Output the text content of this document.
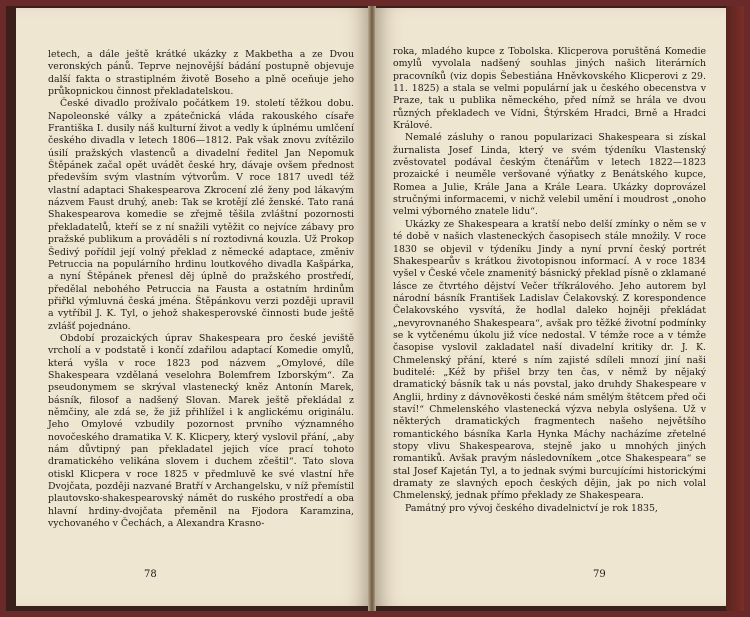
letech, a dále ještě krátké ukázky z Makbetha a ze Dvou veronských pánů. Teprve nejnovější bádání postupně objevuje další fakta o strastiplném životě Boseho a plně oceňuje jeho průkopnickou činnost překladatelskou.

České divadlo prožívalo počátkem 19. století těžkou dobu. Napoleonské války a zpátečnická vláda rakouského císaře Františka I. dusily náš kulturní život a vedly k úplnému umlčení českého divadla v letech 1806—1812. Pak však znovu zvítězilo úsilí pražských vlastenců a divadelní ředitel Jan Nepomuk Štěpánek začal opět uvádět české hry, dávaje ovšem přednost především svým vlastním výtvorům. V roce 1817 uvedl též vlastní adaptaci Shakespearova Zkrocení zlé ženy pod lákavým názvem Faust druhý, aneb: Tak se krotějí zlé ženské. Tato raná Shakespearova komedie se zřejmě těšila zvláštní pozornosti překladatelů, kteří se z ní snažili vytěžit co nejvíce zábavy pro pražské publikum a prováděli s ní roztodivná kouzla. Už Prokop Šedivý pořídil její volný překlad z německé adaptace, změniv Petruccia na populárního hrdinu loutkového divadla Kašpárka, a nyní Štěpánek přenesl děj úplně do pražského prostředí, předělal nebohého Petruccia na Fausta a ostatním hrdinům přiřkl výmluvná česká jména. Štěpánkovu verzi později upravil a vytříbil J. K. Tyl, o jehož shakesperovské činnosti bude ještě zvlášť pojednáno.

Období prozaických úprav Shakespeara pro české jeviště vrcholí a v podstatě i končí zdařilou adaptací Komedie omylů, která vyšla v roce 1823 pod názvem „Omylové, díle Shakespeara vzdělaná veselohra Bolemfrem Izborským“. Za pseudonymem se skrýval vlastenecký kněz Antonín Marek, básník, filosof a nadšený Slovan. Marek ještě překládal z němčiny, ale zdá se, že již přihlížel i k anglickému originálu. Jeho Omylové vzbudily pozornost prvního významného novočeského dramatika V. K. Klicpery, který vyslovil přání, „aby nám důvtipný pan překladatel jejich více prací tohoto dramatického velikána slovem i duchem zčeštil“. Tato slova otiskl Klicpera v roce 1825 v předmluvě ke své vlastní hře Dvojčata, později nazvané Bratří v Archangelsku, v níž přemístil plautovsko-shakespearovský námět do ruského prostředí a oba hlavní hrdiny-dvojčata přeměnil na Fjodora Karamzina, vychovaného v Čechách, a Alexandra Krasno-

78

roka, mladého kupce z Tobolska. Klicperova poruštěná Komedie omylů vyvolala nadšený souhlas jiných našich literárních pracovníků (viz dopis Šebestiána Hněvkovského Klicperovi z 29. 11. 1825) a stala se velmi populární jak u českého obecenstva v Praze, tak u publika německého, před nímž se hrála ve dvou různých překladech ve Vídni, Štýrském Hradci, Brně a Hradci Králové.

Nemalé zásluhy o ranou popularizaci Shakespeara si získal žurnalista Josef Linda, který ve svém týdeníku Vlastenský zvěstovatel podával českým čtenářům v letech 1822—1823 prozaické i neuměle veršované výňatky z Benátského kupce, Romea a Julie, Krále Jana a Krále Leara. Ukázky doprovázel stručnými informacemi, v nichž velebil umění i moudrost „onoho velmi výborného znatele lidu“.

Ukázky ze Shakespeara a kratší nebo delší zmínky o něm se v té době v našich vlasteneckých časopisech stále množily. V roce 1830 se objevil v týdeníku Jindy a nyní první český portrét Shakespearův s krátkou životopisnou informací. A v roce 1834 vyšel v České včele znamenitý básnický překlad písně o zklamané lásce ze čtvrtého dějství Večer tříkrálového. Jeho autorem byl národní básník František Ladislav Čelakovský. Z korespondence Čelakovského vysvítá, že hodlal daleko hojněji překládat „nevyrovnaného Shakespeara“, avšak pro těžké životní podmínky se k vytčenému úkolu již více nedostal. V témže roce a v témže časopise vyslovil zakladatel naší divadelní kritiky dr. J. K. Chmelenský přání, které s ním zajisté sdíleli mnozí jiní naši buditelé: „Kéž by přišel brzy ten čas, v němž by nějaký dramatický básník tak u nás povstal, jako druhdy Shakespeare v Anglii, hrdiny z dávnověkosti české nám smělým štětcem před oči staví!“ Chmelenského vlastenecká výzva nebyla oslyšena. Už v některých dramatických fragmentech našeho největšího romantického básníka Karla Hynka Máchy nacházíme zřetelné stopy vlivu Shakespearova, stejně jako u mnohých jiných romantiků. Avšak pravým následovníkem „otce Shakespeara“ se stal Josef Kajetán Tyl, a to jednak svými burcujícími historickými dramaty ze slavných epoch českých dějin, jak po nich volal Chmelenský, jednak přímo překlady ze Shakespeara.

Památný pro vývoj českého divadelnictví je rok 1835,

79
